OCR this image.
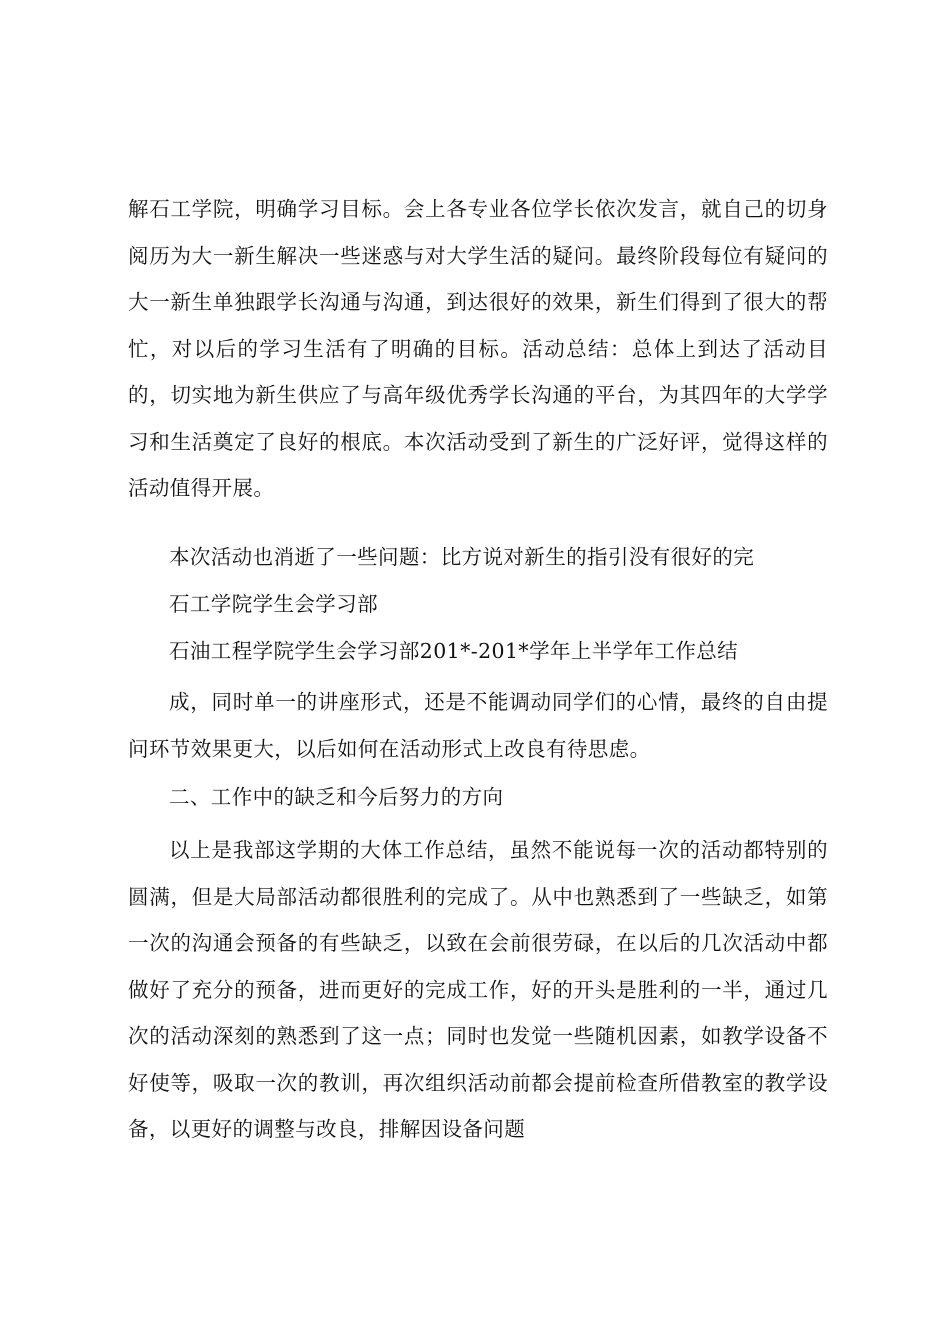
解石工学院，明确学习目标。会上各专业各位学长依次发言，就自己的切身阅历为大一新生解决一些迷惑与对大学生活的疑问。最终阶段每位有疑问的大一新生单独跟学长沟通与沟通，到达很好的效果，新生们得到了很大的帮忙，对以后的学习生活有了明确的目标。活动总结：总体上到达了活动目的，切实地为新生供应了与高年级优秀学长沟通的平台，为其四年的大学学习和生活奠定了良好的根底。本次活动受到了新生的广泛好评，觉得这样的活动值得开展。

本次活动也消逝了一些问题：比方说对新生的指引没有很好的完

石工学院学生会学习部

石油工程学院学生会学习部201*-201*学年上半学年工作总结

成，同时单一的讲座形式，还是不能调动同学们的心情，最终的自由提问环节效果更大，以后如何在活动形式上改良有待思虑。

二、工作中的缺乏和今后努力的方向

以上是我部这学期的大体工作总结，虽然不能说每一次的活动都特别的圆满，但是大局部活动都很胜利的完成了。从中也熟悉到了一些缺乏，如第一次的沟通会预备的有些缺乏，以致在会前很劳碌，在以后的几次活动中都做好了充分的预备，进而更好的完成工作，好的开头是胜利的一半，通过几次的活动深刻的熟悉到了这一点；同时也发觉一些随机因素，如教学设备不好使等，吸取一次的教训，再次组织活动前都会提前检查所借教室的教学设备，以更好的调整与改良，排解因设备问题
